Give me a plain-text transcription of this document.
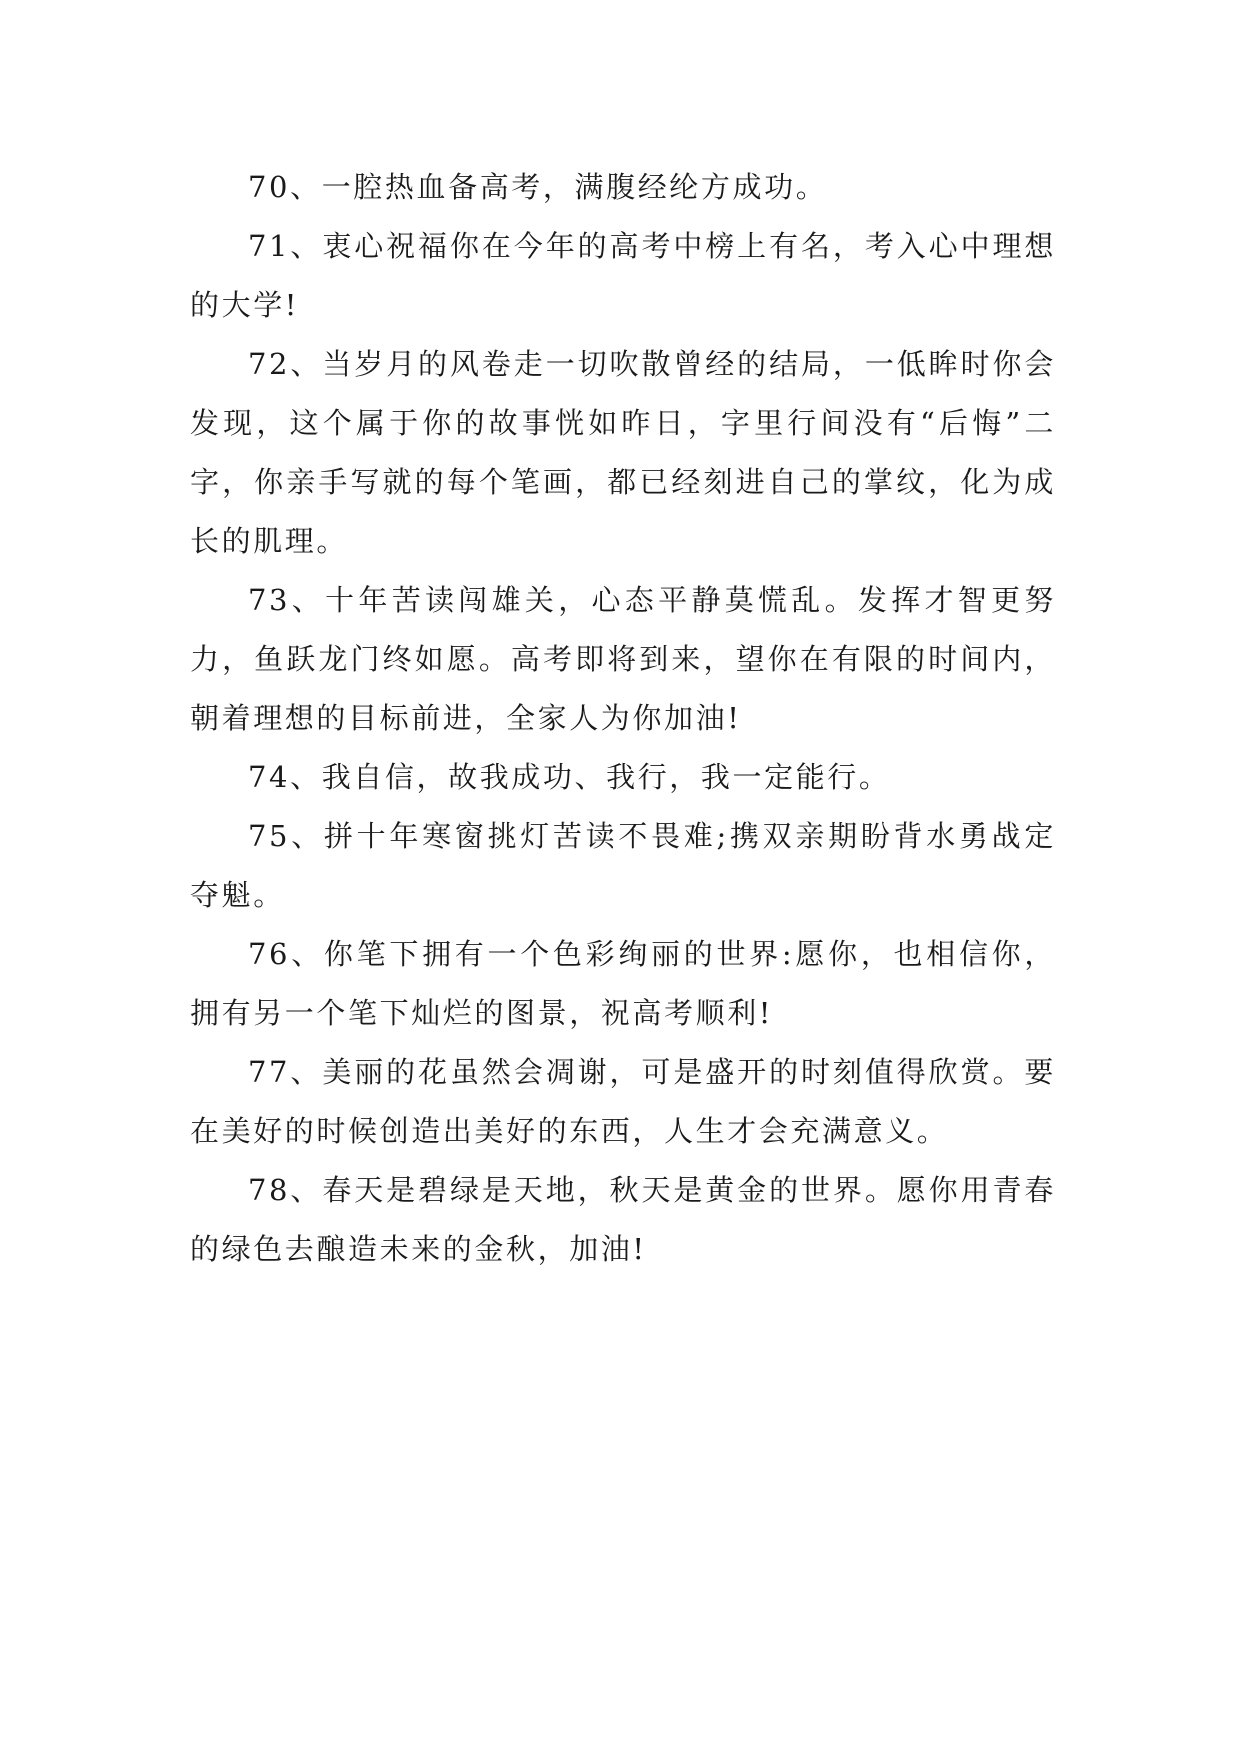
70、一腔热血备高考，满腹经纶方成功。

71、衷心祝福你在今年的高考中榜上有名，考入心中理想的大学!

72、当岁月的风卷走一切吹散曾经的结局，一低眸时你会发现，这个属于你的故事恍如昨日，字里行间没有“后悔”二字，你亲手写就的每个笔画，都已经刻进自己的掌纹，化为成长的肌理。

73、十年苦读闯雄关，心态平静莫慌乱。发挥才智更努力，鱼跃龙门终如愿。高考即将到来，望你在有限的时间内，朝着理想的目标前进，全家人为你加油!

74、我自信，故我成功、我行，我一定能行。

75、拼十年寒窗挑灯苦读不畏难;携双亲期盼背水勇战定夺魁。

76、你笔下拥有一个色彩绚丽的世界:愿你，也相信你，拥有另一个笔下灿烂的图景，祝高考顺利!

77、美丽的花虽然会凋谢，可是盛开的时刻值得欣赏。要在美好的时候创造出美好的东西，人生才会充满意义。

78、春天是碧绿是天地，秋天是黄金的世界。愿你用青春的绿色去酿造未来的金秋，加油!
